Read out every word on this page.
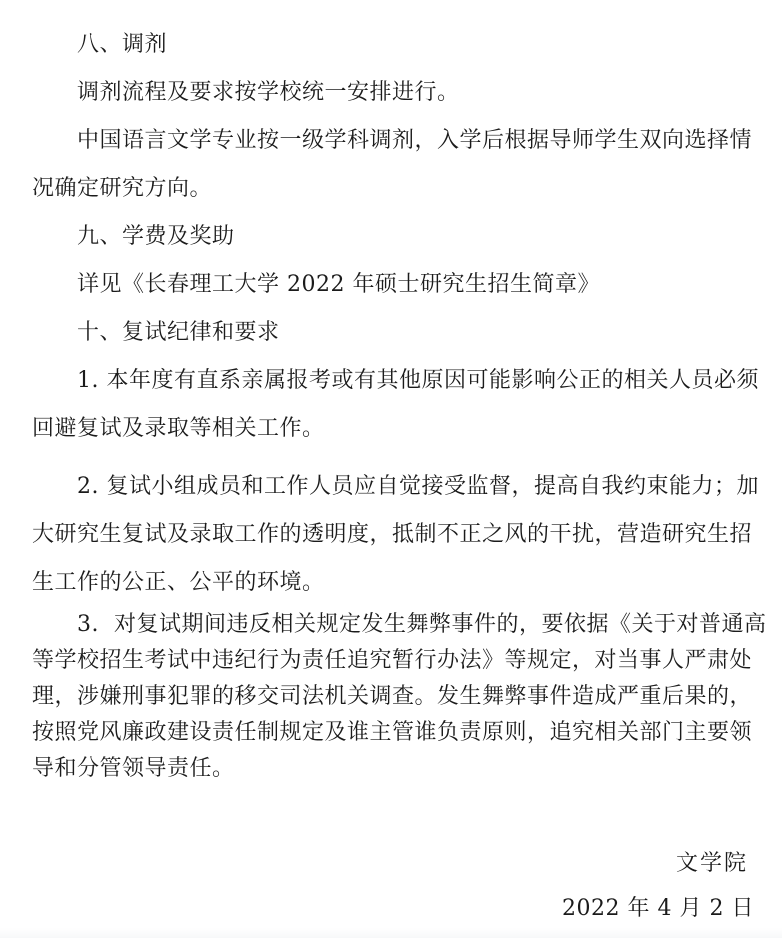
八、调剂
调剂流程及要求按学校统一安排进行。
中国语言文学专业按一级学科调剂，入学后根据导师学生双向选择情
况确定研究方向。
九、学费及奖助
详见《长春理工大学 2022 年硕士研究生招生简章》
十、复试纪律和要求
1. 本年度有直系亲属报考或有其他原因可能影响公正的相关人员必须
回避复试及录取等相关工作。
2. 复试小组成员和工作人员应自觉接受监督，提高自我约束能力；加
大研究生复试及录取工作的透明度，抵制不正之风的干扰，营造研究生招
生工作的公正、公平的环境。
3.  对复试期间违反相关规定发生舞弊事件的，要依据《关于对普通高
等学校招生考试中违纪行为责任追究暂行办法》等规定，对当事人严肃处
理，涉嫌刑事犯罪的移交司法机关调查。发生舞弊事件造成严重后果的，
按照党风廉政建设责任制规定及谁主管谁负责原则，追究相关部门主要领
导和分管领导责任。
文学院
2022 年 4 月 2 日
